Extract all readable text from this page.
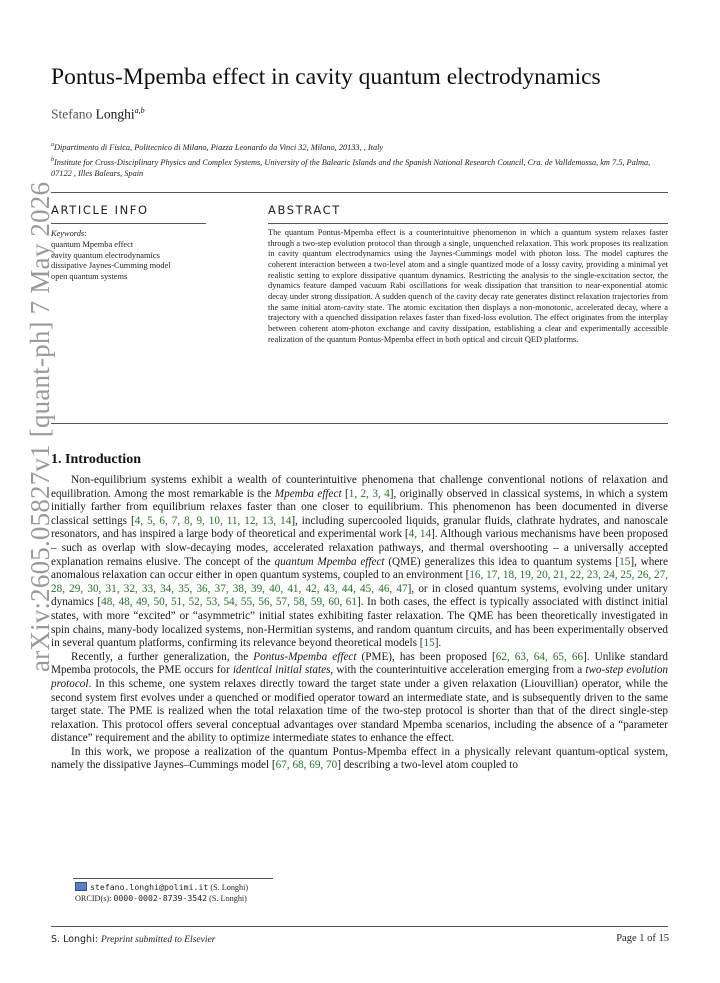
arXiv:2605.05827v1 [quant-ph] 7 May 2026
Pontus-Mpemba effect in cavity quantum electrodynamics
Stefano Longhi$^{a,b}$
$^a$Dipartimento di Fisica, Politecnico di Milano, Piazza Leonardo da Vinci 32, Milano, 20133, , Italy
$^b$Institute for Cross-Disciplinary Physics and Complex Systems, University of the Balearic Islands and the Spanish National Research Council, Cra. de Valldemossa, km 7.5, Palma, 07122 , Illes Balears, Spain
ARTICLE INFO	ABSTRACT
Keywords:
quantum Mpemba effect
cavity quantum electrodynamics
dissipative Jaynes-Cumming model
open quantum systems
The quantum Pontus-Mpemba effect is a counterintuitive phenomenon in which a quantum system relaxes faster through a two-step evolution protocol than through a single, unquenched relaxation. This work proposes its realization in cavity quantum electrodynamics using the Jaynes-Cummings model with photon loss. The model captures the coherent interaction between a two-level atom and a single quantized mode of a lossy cavity, providing a minimal yet realistic setting to explore dissipative quantum dynamics. Restricting the analysis to the single-excitation sector, the dynamics feature damped vacuum Rabi oscillations for weak dissipation that transition to near-exponential atomic decay under strong dissipation. A sudden quench of the cavity decay rate generates distinct relaxation trajectories from the same initial atom-cavity state. The atomic excitation then displays a non-monotonic, accelerated decay, where a trajectory with a quenched dissipation relaxes faster than fixed-loss evolution. The effect originates from the interplay between coherent atom-photon exchange and cavity dissipation, establishing a clear and experimentally accessible realization of the quantum Pontus-Mpemba effect in both optical and circuit QED platforms.
1. Introduction

Non-equilibrium systems exhibit a wealth of counterintuitive phenomena that challenge conventional notions of relaxation and equilibration. Among the most remarkable is the Mpemba effect [1, 2, 3, 4], originally observed in classical systems, in which a system initially farther from equilibrium relaxes faster than one closer to equilibrium. This phenomenon has been documented in diverse classical settings [4, 5, 6, 7, 8, 9, 10, 11, 12, 13, 14], including supercooled liquids, granular fluids, clathrate hydrates, and nanoscale resonators, and has inspired a large body of theoretical and experimental work [4, 14]. Although various mechanisms have been proposed – such as overlap with slow-decaying modes, accelerated relaxation pathways, and thermal overshooting – a universally accepted explanation remains elusive. The concept of the quantum Mpemba effect (QME) generalizes this idea to quantum systems [15], where anomalous relaxation can occur either in open quantum systems, coupled to an environment [16, 17, 18, 19, 20, 21, 22, 23, 24, 25, 26, 27, 28, 29, 30, 31, 32, 33, 34, 35, 36, 37, 38, 39, 40, 41, 42, 43, 44, 45, 46, 47], or in closed quantum systems, evolving under unitary dynamics [48, 48, 49, 50, 51, 52, 53, 54, 55, 56, 57, 58, 59, 60, 61]. In both cases, the effect is typically associated with distinct initial states, with more “excited” or “asymmetric” initial states exhibiting faster relaxation. The QME has been theoretically investigated in spin chains, many-body localized systems, non-Hermitian systems, and random quantum circuits, and has been experimentally observed in several quantum platforms, confirming its relevance beyond theoretical models [15].

Recently, a further generalization, the Pontus-Mpemba effect (PME), has been proposed [62, 63, 64, 65, 66]. Unlike standard Mpemba protocols, the PME occurs for identical initial states, with the counterintuitive acceleration emerging from a two-step evolution protocol. In this scheme, one system relaxes directly toward the target state under a given relaxation (Liouvillian) operator, while the second system first evolves under a quenched or modified operator toward an intermediate state, and is subsequently driven to the same target state. The PME is realized when the total relaxation time of the two-step protocol is shorter than that of the direct single-step relaxation. This protocol offers several conceptual advantages over standard Mpemba scenarios, including the absence of a “parameter distance” requirement and the ability to optimize intermediate states to enhance the effect.

In this work, we propose a realization of the quantum Pontus-Mpemba effect in a physically relevant quantum-optical system, namely the dissipative Jaynes–Cummings model [67, 68, 69, 70] describing a two-level atom coupled to

stefano.longhi@polimi.it (S. Longhi)
ORCID(s): 0000-0002-8739-3542 (S. Longhi)
S. Longhi: Preprint submitted to Elsevier	Page 1 of 15
